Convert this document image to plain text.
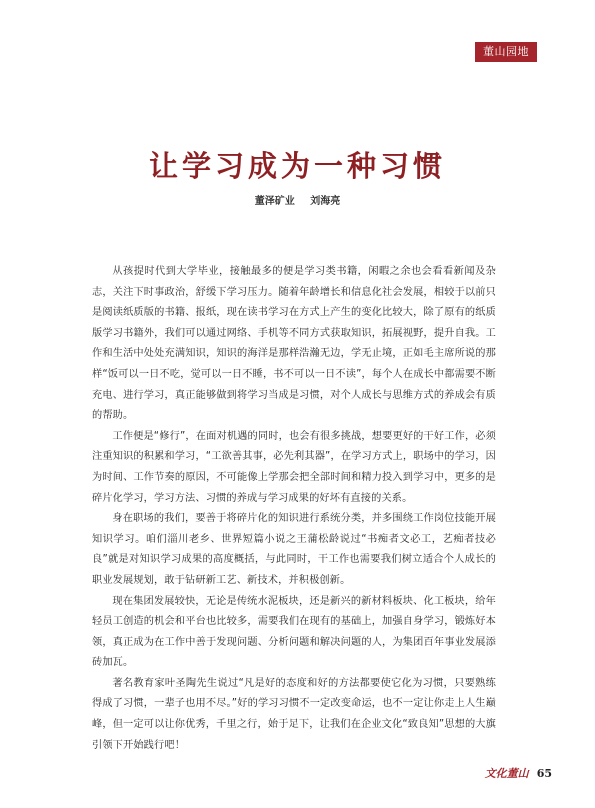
董山园地
让学习成为一种习惯
董泽矿业 刘海亮

从孩提时代到大学毕业，接触最多的便是学习类书籍，闲暇之余也会看看新闻及杂志，关注下时事政治，舒缓下学习压力。随着年龄增长和信息化社会发展，相较于以前只是阅读纸质版的书籍、报纸，现在读书学习在方式上产生的变化比较大，除了原有的纸质版学习书籍外，我们可以通过网络、手机等不同方式获取知识，拓展视野，提升自我。工作和生活中处处充满知识，知识的海洋是那样浩瀚无边，学无止境，正如毛主席所说的那样“饭可以一日不吃，觉可以一日不睡，书不可以一日不读”，每个人在成长中都需要不断充电、进行学习，真正能够做到将学习当成是习惯，对个人成长与思维方式的养成会有质的帮助。

工作便是“修行”，在面对机遇的同时，也会有很多挑战，想要更好的干好工作，必须注重知识的积累和学习，“工欲善其事，必先利其器”，在学习方式上，职场中的学习，因为时间、工作节奏的原因，不可能像上学那会把全部时间和精力投入到学习中，更多的是碎片化学习，学习方法、习惯的养成与学习成果的好坏有直接的关系。

身在职场的我们，要善于将碎片化的知识进行系统分类，并多围绕工作岗位技能开展知识学习。咱们淄川老乡、世界短篇小说之王蒲松龄说过“书痴者文必工，艺痴者技必良”就是对知识学习成果的高度概括，与此同时，干工作也需要我们树立适合个人成长的职业发展规划，敢于钻研新工艺、新技术，并积极创新。

现在集团发展较快，无论是传统水泥板块，还是新兴的新材料板块、化工板块，给年轻员工创造的机会和平台也比较多，需要我们在现有的基础上，加强自身学习，锻炼好本领，真正成为在工作中善于发现问题、分析问题和解决问题的人，为集团百年事业发展添砖加瓦。

著名教育家叶圣陶先生说过“凡是好的态度和好的方法都要使它化为习惯，只要熟练得成了习惯，一辈子也用不尽。”好的学习习惯不一定改变命运，也不一定让你走上人生巅峰，但一定可以让你优秀，千里之行，始于足下，让我们在企业文化“致良知”思想的大旗引领下开始践行吧！

文化董山 65
